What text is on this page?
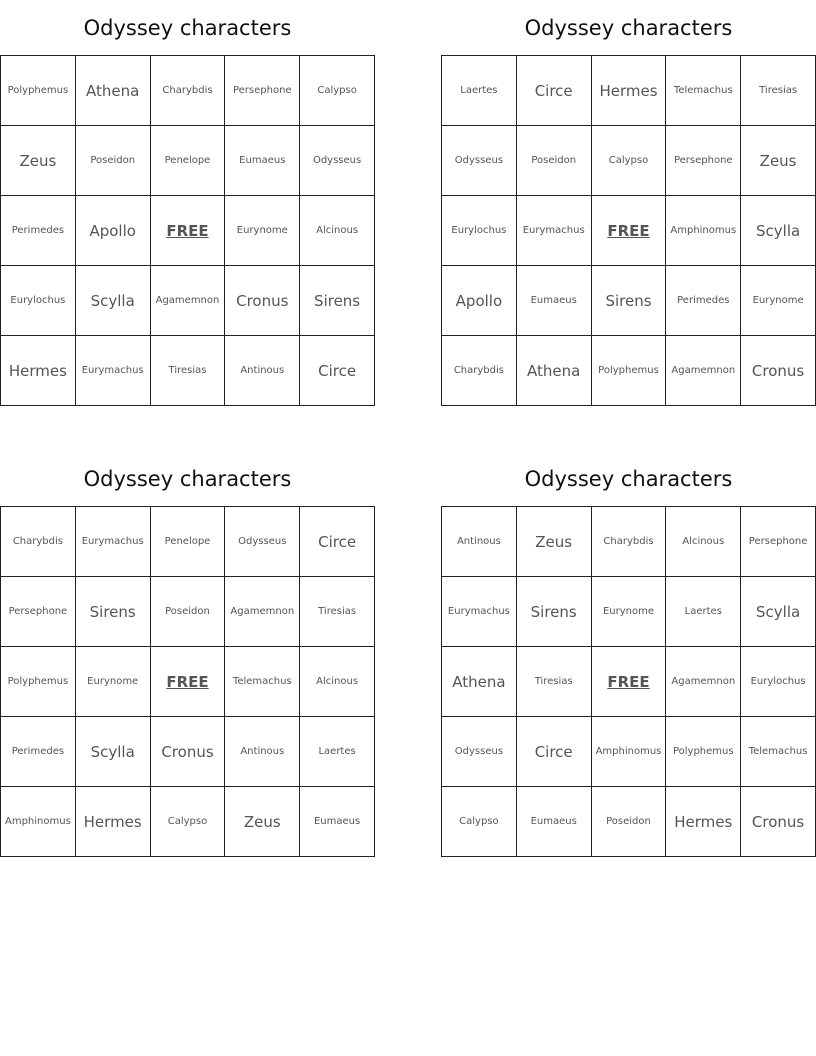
Odyssey characters
Polyphemus	Athena	Charybdis	Persephone	Calypso
Zeus	Poseidon	Penelope	Eumaeus	Odysseus
Perimedes	Apollo	FREE	Eurynome	Alcinous
Eurylochus	Scylla	Agamemnon	Cronus	Sirens
Hermes	Eurymachus	Tiresias	Antinous	Circe
Odyssey characters
Laertes	Circe	Hermes	Telemachus	Tiresias
Odysseus	Poseidon	Calypso	Persephone	Zeus
Eurylochus	Eurymachus	FREE	Amphinomus	Scylla
Apollo	Eumaeus	Sirens	Perimedes	Eurynome
Charybdis	Athena	Polyphemus	Agamemnon	Cronus
Odyssey characters
Charybdis	Eurymachus	Penelope	Odysseus	Circe
Persephone	Sirens	Poseidon	Agamemnon	Tiresias
Polyphemus	Eurynome	FREE	Telemachus	Alcinous
Perimedes	Scylla	Cronus	Antinous	Laertes
Amphinomus	Hermes	Calypso	Zeus	Eumaeus
Odyssey characters
Antinous	Zeus	Charybdis	Alcinous	Persephone
Eurymachus	Sirens	Eurynome	Laertes	Scylla
Athena	Tiresias	FREE	Agamemnon	Eurylochus
Odysseus	Circe	Amphinomus	Polyphemus	Telemachus
Calypso	Eumaeus	Poseidon	Hermes	Cronus
